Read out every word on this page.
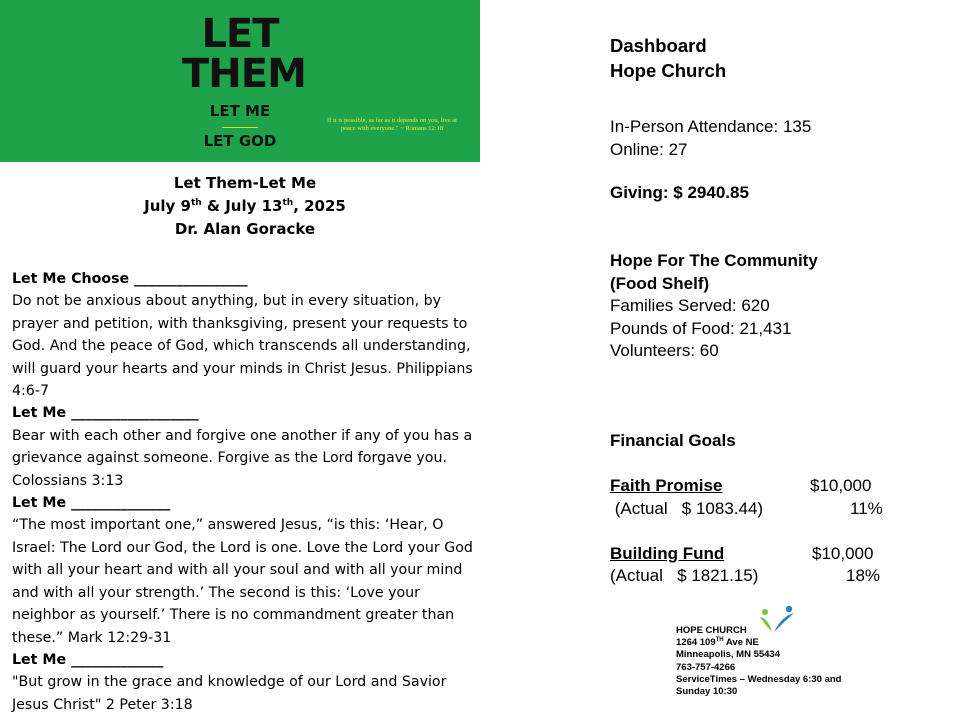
LET
THEM
LET ME
LET GOD
If it is possible, as far as it depends on you, live at peace with everyone." ~ Romans 12:18
Let Them-Let Me
July 9th & July 13th, 2025
Dr. Alan Goracke

Let Me Choose ________________

Do not be anxious about anything, but in every situation, by prayer and petition, with thanksgiving, present your requests to God. And the peace of God, which transcends all understanding, will guard your hearts and your minds in Christ Jesus. Philippians 4:6-7

Let Me __________________

Bear with each other and forgive one another if any of you has a grievance against someone. Forgive as the Lord forgave you. Colossians 3:13

Let Me ______________

“The most important one,” answered Jesus, “is this: ‘Hear, O Israel: The Lord our God, the Lord is one. Love the Lord your God with all your heart and with all your soul and with all your mind and with all your strength.’ The second is this: ‘Love your neighbor as yourself.’ There is no commandment greater than these.” Mark 12:29-31

Let Me _____________

"But grow in the grace and knowledge of our Lord and Savior Jesus Christ" 2 Peter 3:18

Dashboard
Hope Church
In-Person Attendance: 135
Online: 27
Giving: $ 2940.85
Hope For The Community
(Food Shelf)
Families Served: 620
Pounds of Food: 21,431
Volunteers: 60
Financial Goals
Faith Promise	$10,000
(Actual   $ 1083.44)	11%
Building Fund	$10,000
(Actual   $ 1821.15)	18%
HOPE CHURCH
1264 109TH Ave NE
Minneapolis, MN 55434
763-757-4266
ServiceTimes – Wednesday 6:30 and
Sunday 10:30
